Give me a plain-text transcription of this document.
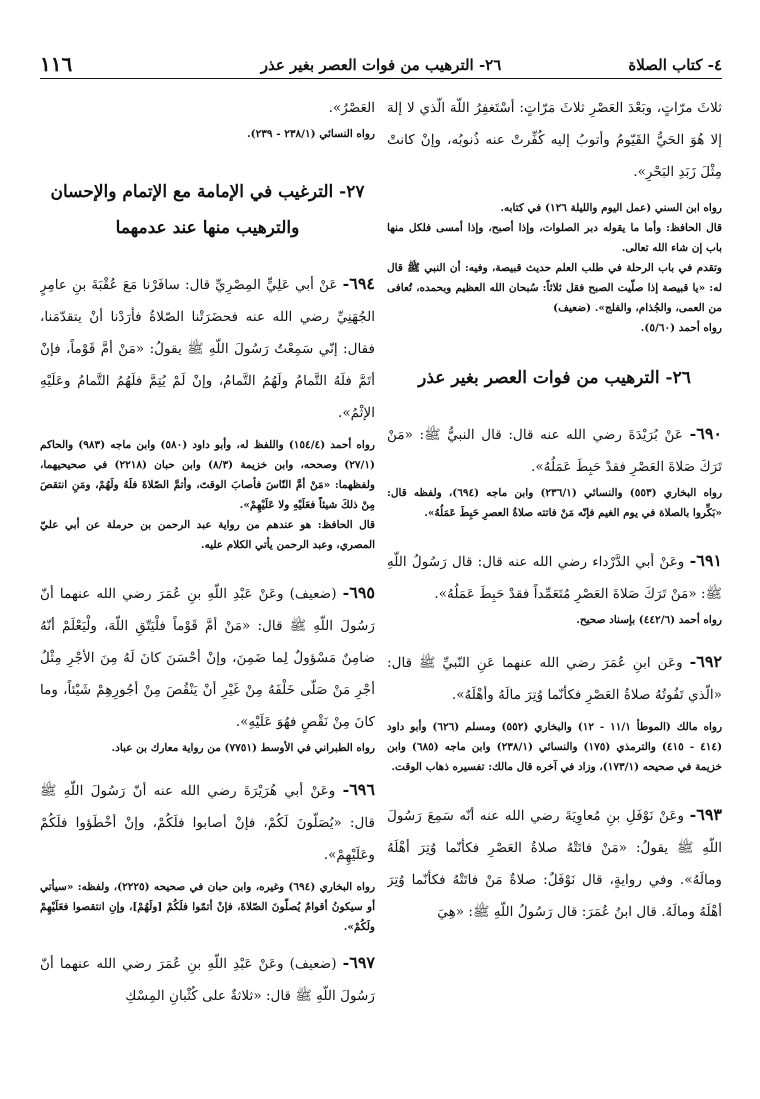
٤- كتاب الصلاة
٢٦- الترهيب من فوات العصر بغير عذر
١١٦

ثلاثَ مرّاتٍ، وبَعْدَ العَصْرِ ثلاثَ مَرّاتٍ: أسْتَغفِرُ اللّهَ الّذي لا إلهَ إلا هُوَ الحَيُّ القَيّومُ وأتوبُ إليه كُفِّرتْ عنه ذُنوبُه، وإنْ كانتْ مِثْلَ زَبَدِ البَحْرِ».

رواه ابن السني (عمل اليوم والليلة ١٢٦) في كتابه.

قال الحافظ: وأما ما يقوله دبر الصلوات، وإذا أصبح، وإذا أمسى فلكل منها باب إن شاء الله تعالى.

وتقدم في باب الرحلة في طلب العلم حديث قبيصة، وفيه: أن النبي ﷺ قال له: «يا قبيصة إذا صلّيت الصبح فقل ثلاثاً: سُبحان الله العظيم وبحمده، تُعافى من العمى، والجُذام، والفلج». (ضعيف)

رواه أحمد (٥/٦٠).

٢٦- الترهيب من فوات العصر بغير عذر

٦٩٠- عَنْ بُرَيْدَةَ رضي الله عنه قال: قال النبيُّ ﷺ: «مَنْ تَرَكَ صَلاةَ العَصْرِ فقدْ حَبِطَ عَمَلُهُ».

رواه البخاري (٥٥٣) والنسائي (٢٣٦/١) وابن ماجه (٦٩٤)، ولفظه قال: «بَكِّروا بالصلاة في يوم الغيم فإنّه مَنْ فاتته صلاةُ العصرِ حَبِطَ عَمَلُهُ».

٦٩١- وعَنْ أبي الدَّرْداء رضي الله عنه قال: قال رَسُولُ اللّهِ ﷺ: «مَنْ تَرَكَ صَلاةَ العَصْرِ مُتَعَمِّداً فقدْ حَبِطَ عَمَلُهُ».

رواه أحمد (٤٤٢/٦) بإسناد صحيح.

٦٩٢- وعَن ابنِ عُمَرَ رضي الله عنهما عَنِ النّبيِّ ﷺ قال: «الّذي تَفُوتُهُ صلاةُ العَصْرِ فكأنّما وُتِرَ مالَهُ وأهْلَهُ».

رواه مالك (الموطأ ١١/١ - ١٢) والبخاري (٥٥٢) ومسلم (٦٢٦) وأبو داود (٤١٤ - ٤١٥) والترمذي (١٧٥) والنسائي (٢٣٨/١) وابن ماجه (٦٨٥) وابن خزيمة في صحيحه (١٧٣/١)، وزاد في آخره قال مالك: تفسيره ذهاب الوقت.

٦٩٣- وعَنْ نَوْفَلِ بنِ مُعاوِيَةَ رضي الله عنه أنّه سَمِعَ رَسُولَ اللّهِ ﷺ يقولُ: «مَنْ فاتَتْهُ صلاةُ العَصْرِ فكأنّما وُتِرَ أهْلَهُ ومالَهُ». وفي روايةٍ، قال نَوْفَلٌ: صلاةٌ مَنْ فاتَتْهُ فكأنّما وُتِرَ أهْلَهُ ومالَهُ. قال ابنُ عُمَرَ: قال رَسُولُ اللّهِ ﷺ: «هِيَ

العَصْرُ».

رواه النسائي (٢٣٨/١ - ٢٣٩).

٢٧- الترغيب في الإمامة مع الإتمام والإحسان

والترهيب منها عند عدمهما

٦٩٤- عَنْ أبي عَلِيٍّ المِصْرِيِّ قال: سافَرْنا مَعَ عُقْبَةَ بنِ عامِرٍ الجُهَنِيِّ رضي الله عنه فحضَرَتْنا الصّلاةُ فأرَدْنا أنْ يتقدّمَنا، فقال: إنّي سَمِعْتُ رَسُولَ اللّهِ ﷺ يقولُ: «مَنْ أمَّ قَوْماً، فإنْ أتَمَّ فلَهُ التَّمامُ ولَهُمُ التَّمامُ، وإنْ لَمْ يُتِمَّ فلَهُمُ التَّمامُ وعَلَيْهِ الإثْمُ».

رواه أحمد (١٥٤/٤) واللفظ له، وأبو داود (٥٨٠) وابن ماجه (٩٨٣) والحاكم (٢٧/١) وصححه، وابن خزيمة (٨/٣) وابن حبان (٢٢١٨) في صحيحيهما، ولفظهما: «مَنْ أمَّ النّاسَ فأصابَ الوقتَ، وأتمَّ الصّلاةَ فلَهُ ولَهُمْ، ومَنِ انتقصَ مِنْ ذلكَ شيئاً فعَلَيْهِ ولا عَلَيْهِمْ».

قال الحافظ: هو عندهم من رواية عبد الرحمن بن حرملة عن أبي عليّ المصري، وعبد الرحمن يأتي الكلام عليه.

٦٩٥- (ضعيف) وعَنْ عَبْدِ اللّهِ بنِ عُمَرَ رضي الله عنهما أنّ رَسُولَ اللّهِ ﷺ قال: «مَنْ أمَّ قَوْماً فلْيَتّقِ اللّهَ، ولْيَعْلَمْ أنّهُ ضامِنٌ مَسْؤولٌ لِما ضَمِنَ، وإنْ أحْسَنَ كانَ لَهُ مِنَ الأجْرِ مِثْلُ أجْرِ مَنْ صَلّى خَلْفَهُ مِنْ غَيْرِ أنْ يَنْقُصَ مِنْ أجُورِهِمْ شَيْئاً، وما كانَ مِنْ نَقْصٍ فهُوَ عَلَيْهِ».

رواه الطبراني في الأوسط (٧٧٥١) من رواية معارك بن عباد.

٦٩٦- وعَنْ أبي هُرَيْرَةَ رضي الله عنه أنّ رَسُولَ اللّهِ ﷺ قال: «يُصَلّونَ لَكُمْ، فإنْ أصابوا فلَكُمْ، وإنْ أخْطَؤوا فلَكُمْ وعَلَيْهِمْ».

رواه البخاري (٦٩٤) وغيره، وابن حبان في صحيحه (٢٢٢٥)، ولفظه: «سيأتي أو سيكونُ أقوامٌ يُصلّونَ الصّلاةَ، فإنْ أتمّوا فلَكُمْ [ولَهُمْ]، وإنِ انتقصوا فعَلَيْهِمْ ولَكُمْ».

٦٩٧- (ضعيف) وعَنْ عَبْدِ اللّهِ بنِ عُمَرَ رضي الله عنهما أنّ رَسُولَ اللّهِ ﷺ قال: «ثلاثةٌ على كُثْبانِ المِسْكِ
